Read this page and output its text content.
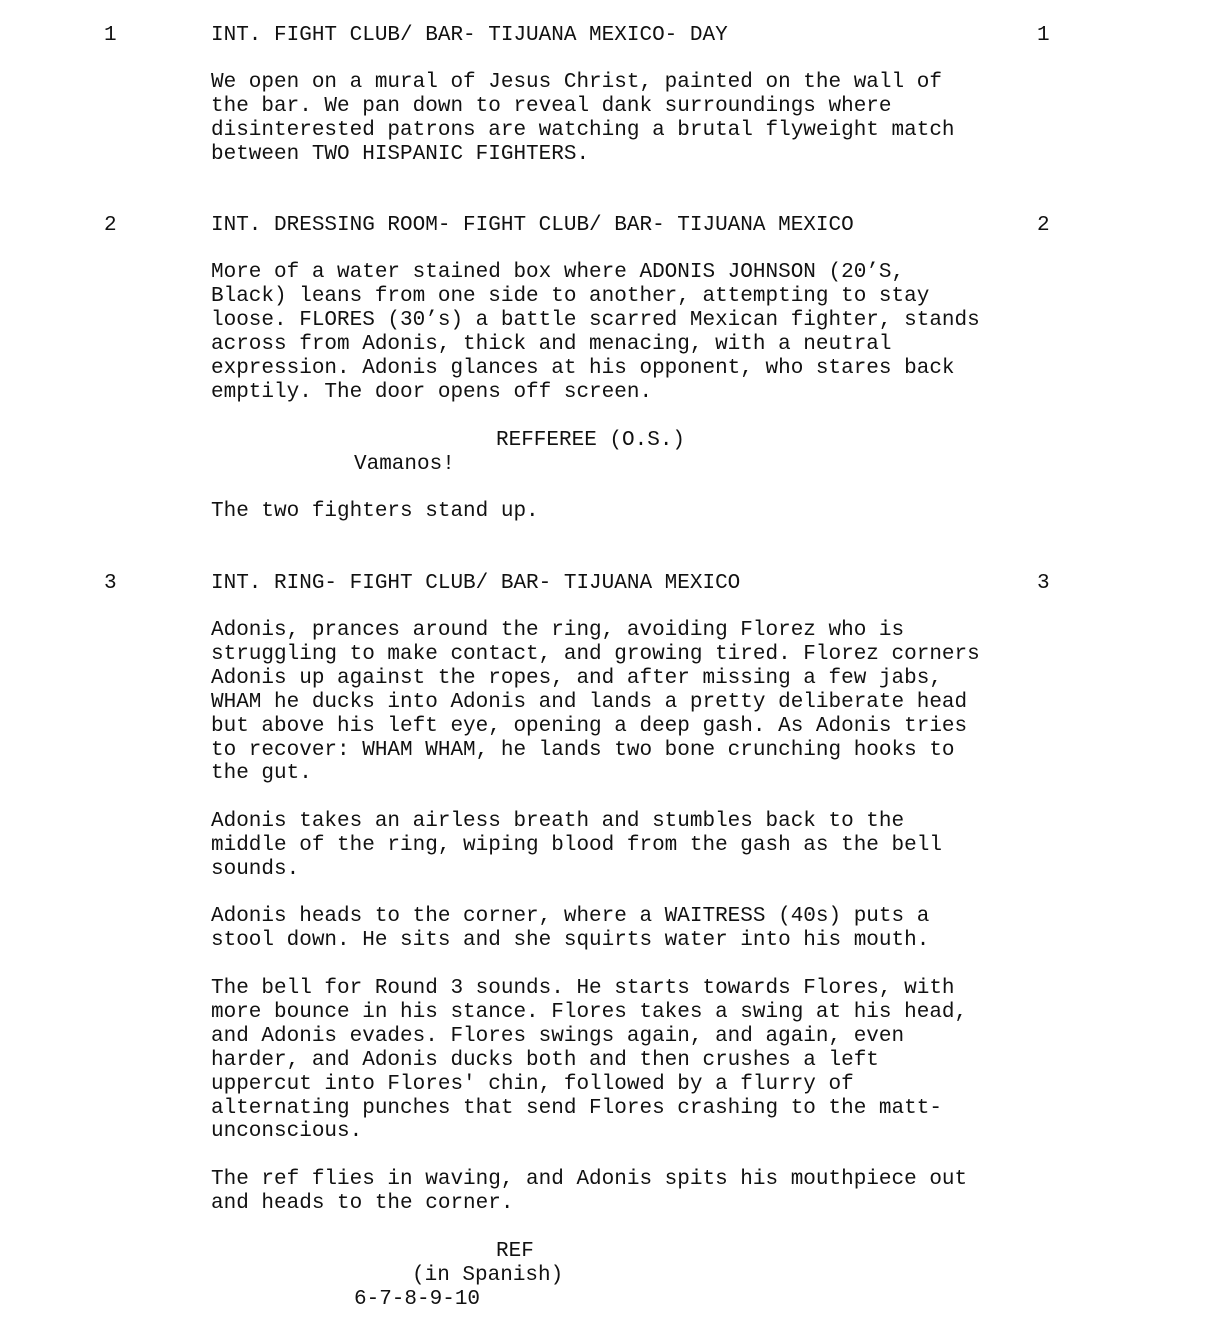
1	INT. FIGHT CLUB/ BAR- TIJUANA MEXICO- DAY	1
We open on a mural of Jesus Christ, painted on the wall of
the bar. We pan down to reveal dank surroundings where
disinterested patrons are watching a brutal flyweight match
between TWO HISPANIC FIGHTERS.
2	INT. DRESSING ROOM- FIGHT CLUB/ BAR- TIJUANA MEXICO	2
More of a water stained box where ADONIS JOHNSON (20’S,
Black) leans from one side to another, attempting to stay
loose. FLORES (30’s) a battle scarred Mexican fighter, stands
across from Adonis, thick and menacing, with a neutral
expression. Adonis glances at his opponent, who stares back
emptily. The door opens off screen.
REFFEREE (O.S.)
Vamanos!
The two fighters stand up.
3	INT. RING- FIGHT CLUB/ BAR- TIJUANA MEXICO	3
Adonis, prances around the ring, avoiding Florez who is
struggling to make contact, and growing tired. Florez corners
Adonis up against the ropes, and after missing a few jabs,
WHAM he ducks into Adonis and lands a pretty deliberate head
but above his left eye, opening a deep gash. As Adonis tries
to recover: WHAM WHAM, he lands two bone crunching hooks to
the gut.
Adonis takes an airless breath and stumbles back to the
middle of the ring, wiping blood from the gash as the bell
sounds.
Adonis heads to the corner, where a WAITRESS (40s) puts a
stool down. He sits and she squirts water into his mouth.
The bell for Round 3 sounds. He starts towards Flores, with
more bounce in his stance. Flores takes a swing at his head,
and Adonis evades. Flores swings again, and again, even
harder, and Adonis ducks both and then crushes a left
uppercut into Flores' chin, followed by a flurry of
alternating punches that send Flores crashing to the matt-
unconscious.
The ref flies in waving, and Adonis spits his mouthpiece out
and heads to the corner.
REF
(in Spanish)
6-7-8-9-10
